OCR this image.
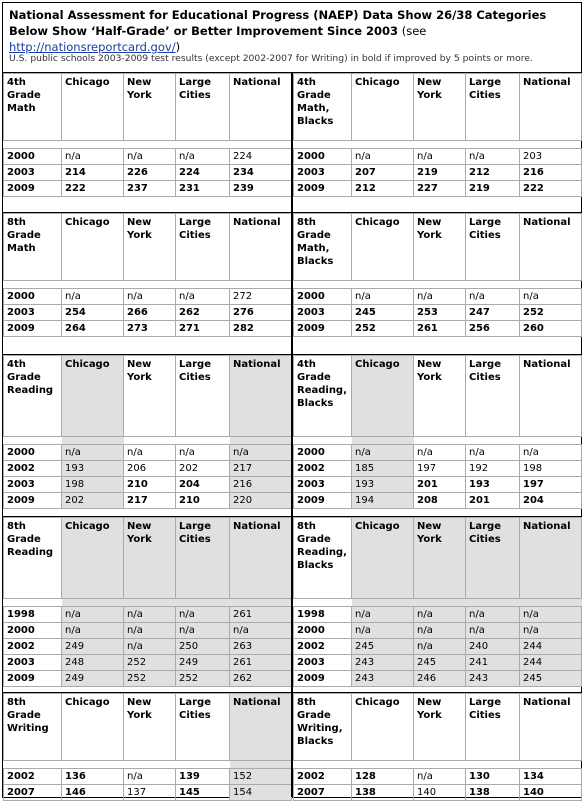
National Assessment for Educational Progress (NAEP) Data Show 26/38 Categories Below Show ‘Half-Grade’ or Better Improvement Since 2003 (see http://nationsreportcard.gov/)
U.S. public schools 2003-2009 test results (except 2002-2007 for Writing) in bold if improved by 5 points or more.
4th Grade Math	Chicago	New York	Large Cities	National

2000	n/a	n/a	n/a	224
2003	214	226	224	234
2009	222	237	231	239
4th Grade Math, Blacks	Chicago	New York	Large Cities	National

2000	n/a	n/a	n/a	203
2003	207	219	212	216
2009	212	227	219	222
8th Grade Math	Chicago	New York	Large Cities	National

2000	n/a	n/a	n/a	272
2003	254	266	262	276
2009	264	273	271	282
8th Grade Math, Blacks	Chicago	New York	Large Cities	National

2000	n/a	n/a	n/a	n/a
2003	245	253	247	252
2009	252	261	256	260
4th Grade Reading	Chicago	New York	Large Cities	National

2000	n/a	n/a	n/a	n/a
2002	193	206	202	217
2003	198	210	204	216
2009	202	217	210	220
4th Grade Reading, Blacks	Chicago	New York	Large Cities	National

2000	n/a	n/a	n/a	n/a
2002	185	197	192	198
2003	193	201	193	197
2009	194	208	201	204
8th Grade Reading	Chicago	New York	Large Cities	National

1998	n/a	n/a	n/a	261
2000	n/a	n/a	n/a	n/a
2002	249	n/a	250	263
2003	248	252	249	261
2009	249	252	252	262
8th Grade Reading, Blacks	Chicago	New York	Large Cities	National

1998	n/a	n/a	n/a	n/a
2000	n/a	n/a	n/a	n/a
2002	245	n/a	240	244
2003	243	245	241	244
2009	243	246	243	245
8th Grade Writing	Chicago	New York	Large Cities	National

2002	136	n/a	139	152
2007	146	137	145	154
8th Grade Writing, Blacks	Chicago	New York	Large Cities	National

2002	128	n/a	130	134
2007	138	140	138	140
